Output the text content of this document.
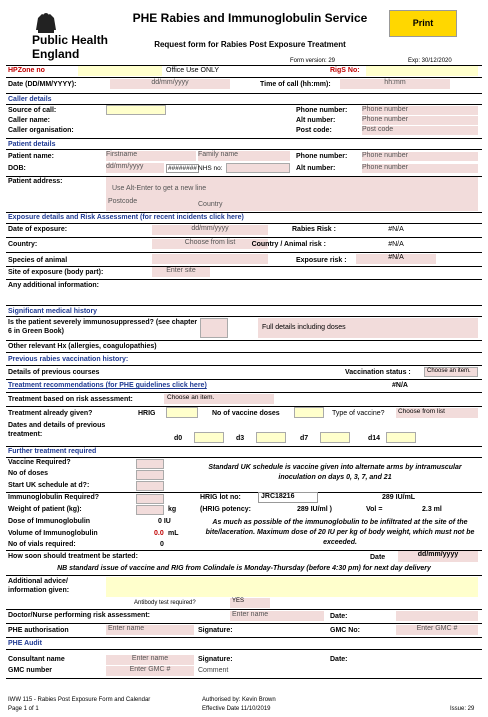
Public Health
England
PHE Rabies and Immunoglobulin Service
Request form for Rabies Post Exposure Treatment
Print
Form version: 29	Exp: 30/12/2020
HPZone no	Office Use ONLY	RigS No:
Date (DD/MM/YYYY):	dd/mm/yyyy	Time of call (hh:mm):	hh:mm
Caller details
Source of call:
Caller name:
Caller organisation:
Phone number: Phone number
Alt number:	Phone number
Post code:	Post code
Patient details
Patient name:	Firstname	Family name	Phone number: Phone number
DOB:	dd/mm/yyyy	######## NHS no:	Alt number:	Phone number
Patient address:
Use Alt-Enter to get a new line
Postcode	Country
Exposure details and Risk Assessment (for recent incidents click here)
Date of exposure:	dd/mm/yyyy	Rabies Risk :	#N/A
Country:	Choose from list	Country / Animal risk :	#N/A
Species of animal	Exposure risk :	#N/A
Site of exposure (body part):	Enter site
Any additional information:
Significant medical history
Is the patient severely immunosuppressed? (see chapter 6 in Green Book)
Full details including doses
Other relevant Hx (allergies, coagulopathies)
Previous rabies vaccination history:
Details of previous courses	Vaccination status :	Choose an item.
Treatment recommendations (for PHE guidelines click here)	#N/A
Treatment based on risk assessment:	Choose an item.
Treatment already given?	HRIG	No of vaccine doses	Type of vaccine?	Choose from list
Dates and details of previous treatment:
d0	d3	d7	d14
Further treatment required
Vaccine Required?
No of doses
Start UK schedule at d?:
Standard UK schedule is vaccine given into alternate arms by intramuscular inoculation on days 0, 3, 7, and 21
Immunoglobulin Required?
Weight of patient (kg):	kg
HRIG lot no:	JRC18216	289 IU/mL
(HRIG potency:	289 IU/ml )	Vol =	2.3 ml
Dose of Immunoglobulin	0 IU
Volume of Immunoglobulin	0.0 mL
No of vials required:	0
As much as possible of the immunoglobulin to be infiltrated at the site of the bite/laceration. Maximum dose of 20 IU per kg of body weight, which must not be exceeded.
How soon should treatment be started:	Date	dd/mm/yyyy
NB standard issue of vaccine and RIG from Colindale is Monday-Thursday (before 4:30 pm) for next day delivery
Additional advice/ information given:
Antibody test required?	YES
Doctor/Nurse performing risk assessment:	Enter name	Date:
PHE authorisation	Enter name	Signature:	GMC No:	Enter GMC #
PHE Audit
Consultant name	Enter name	Signature:	Date:
GMC number	Enter GMC #	Comment
IWW 115 - Rabies Post Exposure Form and Calendar
Page 1 of 1
Authorised by: Kevin Brown
Effective Date 11/10/2019	Issue: 29
